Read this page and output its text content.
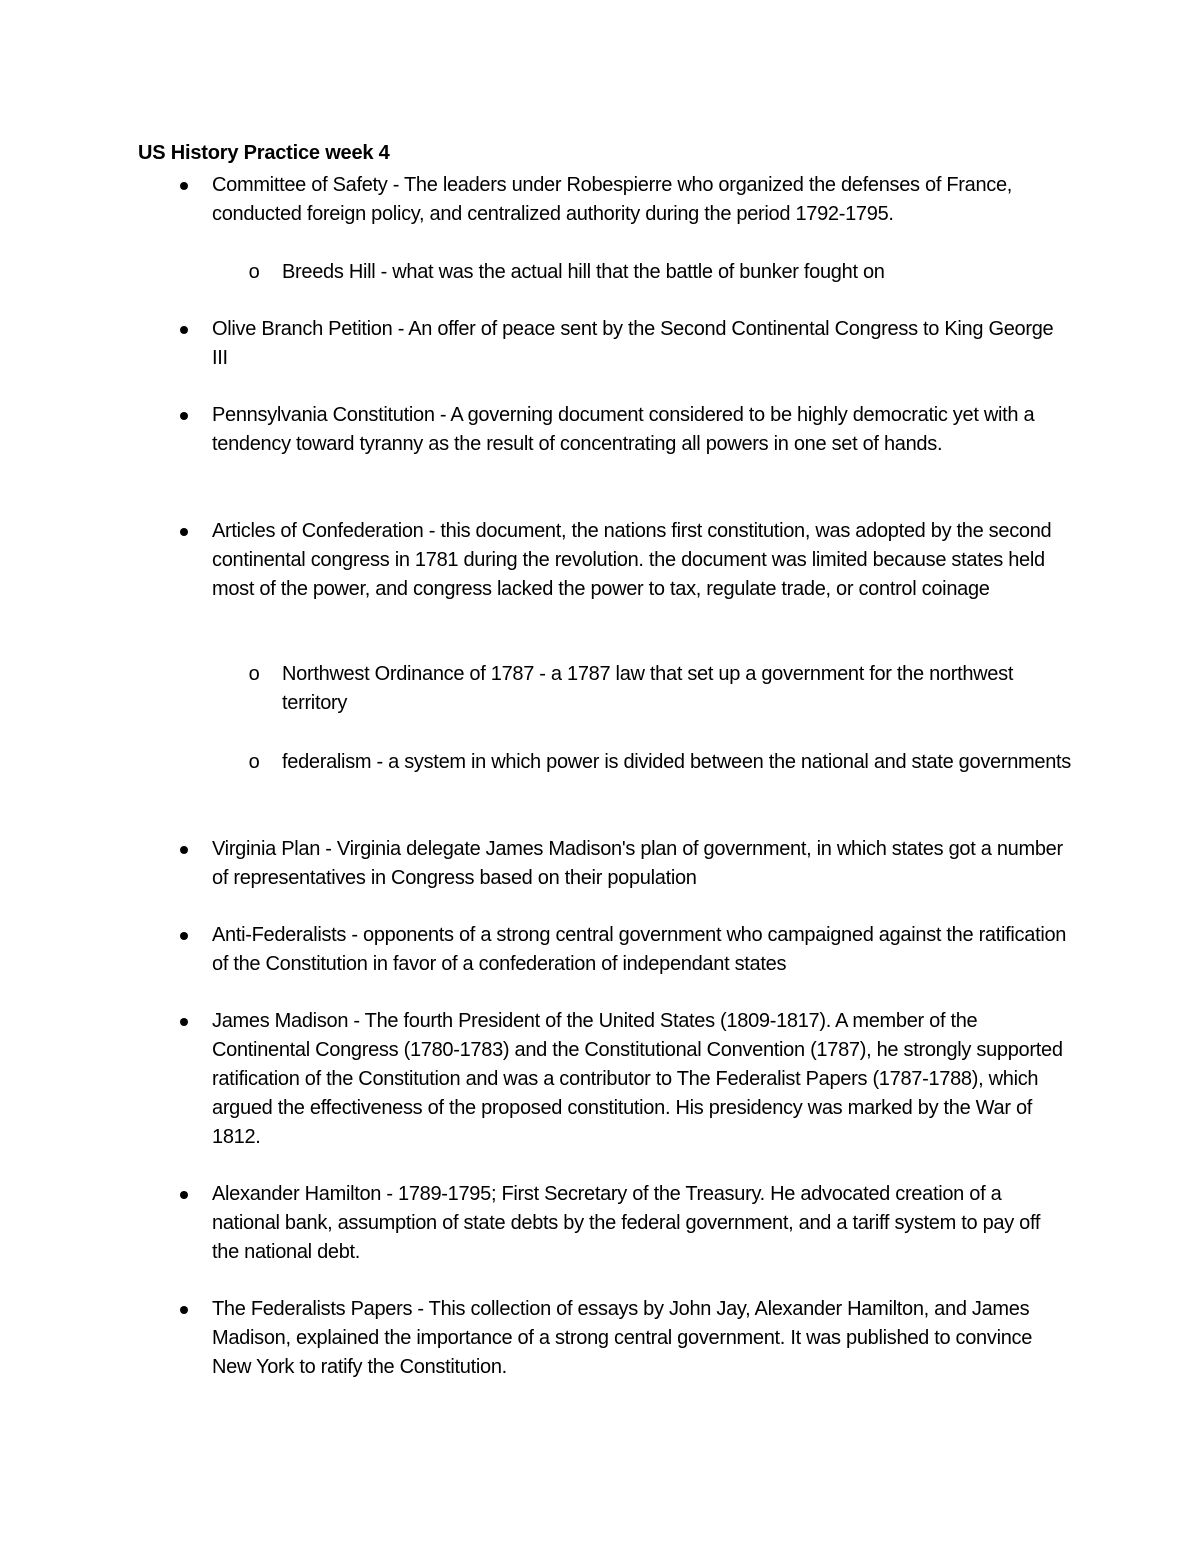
US History Practice week 4
Committee of Safety - The leaders under Robespierre who organized the defenses of France, conducted foreign policy, and centralized authority during the period 1792-1795.
o Breeds Hill - what was the actual hill that the battle of bunker fought on
Olive Branch Petition - An offer of peace sent by the Second Continental Congress to King George III
Pennsylvania Constitution - A governing document considered to be highly democratic yet with a tendency toward tyranny as the result of concentrating all powers in one set of hands.
Articles of Confederation - this document, the nations first constitution, was adopted by the second continental congress in 1781 during the revolution. the document was limited because states held most of the power, and congress lacked the power to tax, regulate trade, or control coinage
o Northwest Ordinance of 1787 - a 1787 law that set up a government for the northwest territory
o federalism - a system in which power is divided between the national and state governments
Virginia Plan - Virginia delegate James Madison's plan of government, in which states got a number of representatives in Congress based on their population
Anti-Federalists - opponents of a strong central government who campaigned against the ratification of the Constitution in favor of a confederation of independant states
James Madison - The fourth President of the United States (1809-1817). A member of the Continental Congress (1780-1783) and the Constitutional Convention (1787), he strongly supported ratification of the Constitution and was a contributor to The Federalist Papers (1787-1788), which argued the effectiveness of the proposed constitution. His presidency was marked by the War of 1812.
Alexander Hamilton - 1789-1795; First Secretary of the Treasury. He advocated creation of a national bank, assumption of state debts by the federal government, and a tariff system to pay off the national debt.
The Federalists Papers - This collection of essays by John Jay, Alexander Hamilton, and James Madison, explained the importance of a strong central government. It was published to convince New York to ratify the Constitution.
